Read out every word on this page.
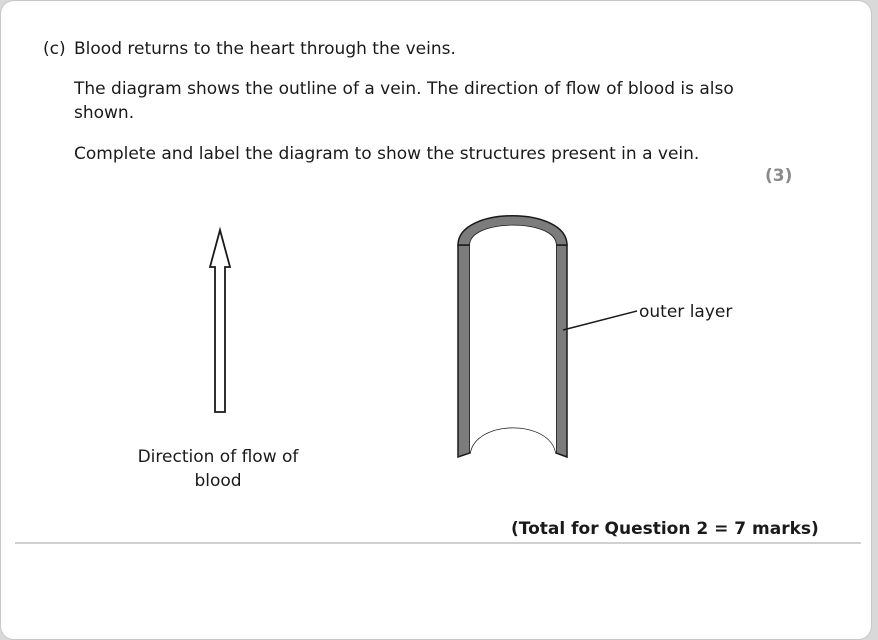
(c) Blood returns to the heart through the veins.
The diagram shows the outline of a vein. The direction of flow of blood is also shown.
Complete and label the diagram to show the structures present in a vein.
(3)
outer layer
Direction of flow of blood
(Total for Question 2 = 7 marks)
